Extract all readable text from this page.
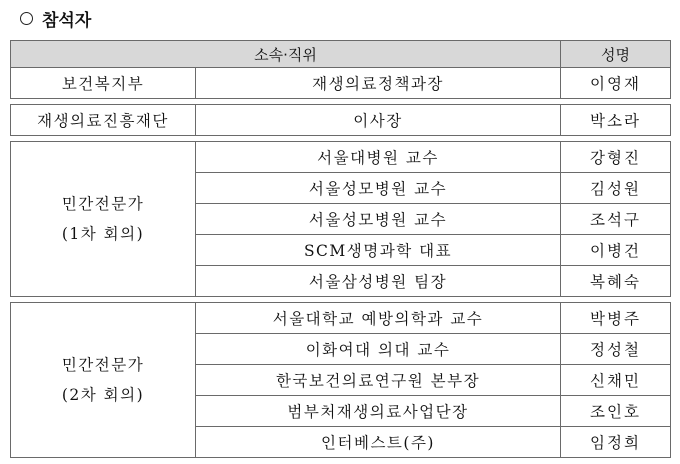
참석자
소속·직위		성명
보건복지부	재생의료정책과장	이영재

재생의료진흥재단	이사장	박소라

민간전문가
(1차 회의)	서울대병원 교수	강형진
	서울성모병원 교수	김성원
	서울성모병원 교수	조석구
	SCM생명과학 대표	이병건
	서울삼성병원 팀장	복혜숙

민간전문가
(2차 회의)	서울대학교 예방의학과 교수	박병주
	이화여대 의대 교수	정성철
	한국보건의료연구원 본부장	신채민
	범부처재생의료사업단장	조인호
	인터베스트(주)	임정희
